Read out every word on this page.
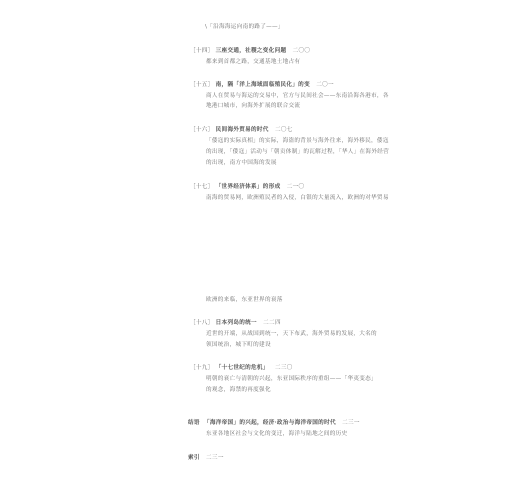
\「沿海海运向南的路了——」
［十四］ 三座交通，社稷之变化问题 二〇〇
都来到首都之路，交通基地土地占有
［十五］ 南，隔「洋上海域面临殖民化」的变 二〇一
商人在贸易与海运的交易中，官方与民间社会——东南沿海各港市，各
地港口城市，向海外扩展的联合交流
［十六］ 民间海外贸易的时代 二〇七
「倭寇的实际真相」的实际，海盗的背景与海外往来，海外移民，倭寇
的出现，「倭寇」活动与「朝贡体制」的瓦解过程，「华人」在海外经营
的出现，南方中国海的发展
［十七］ 「世界经济体系」的形成 二一〇
南海的贸易网，欧洲殖民者的入侵，白银的大量流入，欧洲的对华贸易
欧洲的来临，东亚世界的衰落
［十八］ 日本列岛的统一 二二四
近世的开端，从战国到统一，天下布武，海外贸易的发展，大名的
领国统治，城下町的建设
［十九］ 「十七世纪的危机」 二三〇
明朝的衰亡与清朝的兴起，东亚国际秩序的重组——「华夷变态」
的观念，海禁的再度强化
结语 「海洋帝国」的兴起，经济·政治与海洋帝国的时代 二三一
东亚各地区社会与文化的变迁，海洋与陆地之间的历史
索引 二三一
